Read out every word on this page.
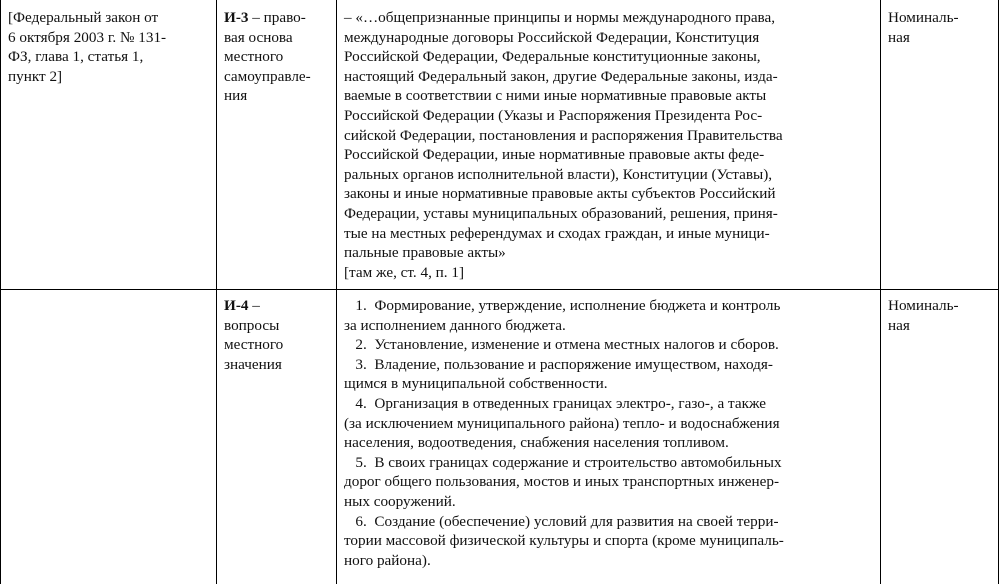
[Федеральный закон от
6 октября 2003 г. № 131-
ФЗ, глава 1, статья 1,
пункт 2]
И-3 – право-
вая основа
местного
самоуправле-
ния
– «…общепризнанные принципы и нормы международного права,
международные договоры Российской Федерации, Конституция
Российской Федерации, Федеральные конституционные законы,
настоящий Федеральный закон, другие Федеральные законы, изда-
ваемые в соответствии с ними иные нормативные правовые акты
Российской Федерации (Указы и Распоряжения Президента Рос-
сийской Федерации, постановления и распоряжения Правительства
Российской Федерации, иные нормативные правовые акты феде-
ральных органов исполнительной власти), Конституции (Уставы),
законы и иные нормативные правовые акты субъектов Российский
Федерации, уставы муниципальных образований, решения, приня-
тые на местных референдумах и сходах граждан, и иные муници-
пальные правовые акты»
[там же, ст. 4, п. 1]
Номиналь-
ная
И-4 –
вопросы
местного
значения
1.  Формирование, утверждение, исполнение бюджета и контроль
за исполнением данного бюджета.
2.  Установление, изменение и отмена местных налогов и сборов.
3.  Владение, пользование и распоряжение имуществом, находя-
щимся в муниципальной собственности.
4.  Организация в отведенных границах электро-, газо-, а также
(за исключением муниципального района) тепло- и водоснабжения
населения, водоотведения, снабжения населения топливом.
5.  В своих границах содержание и строительство автомобильных
дорог общего пользования, мостов и иных транспортных инженер-
ных сооружений.
6.  Создание (обеспечение) условий для развития на своей терри-
тории массовой физической культуры и спорта (кроме муниципаль-
ного района).
Номиналь-
ная
